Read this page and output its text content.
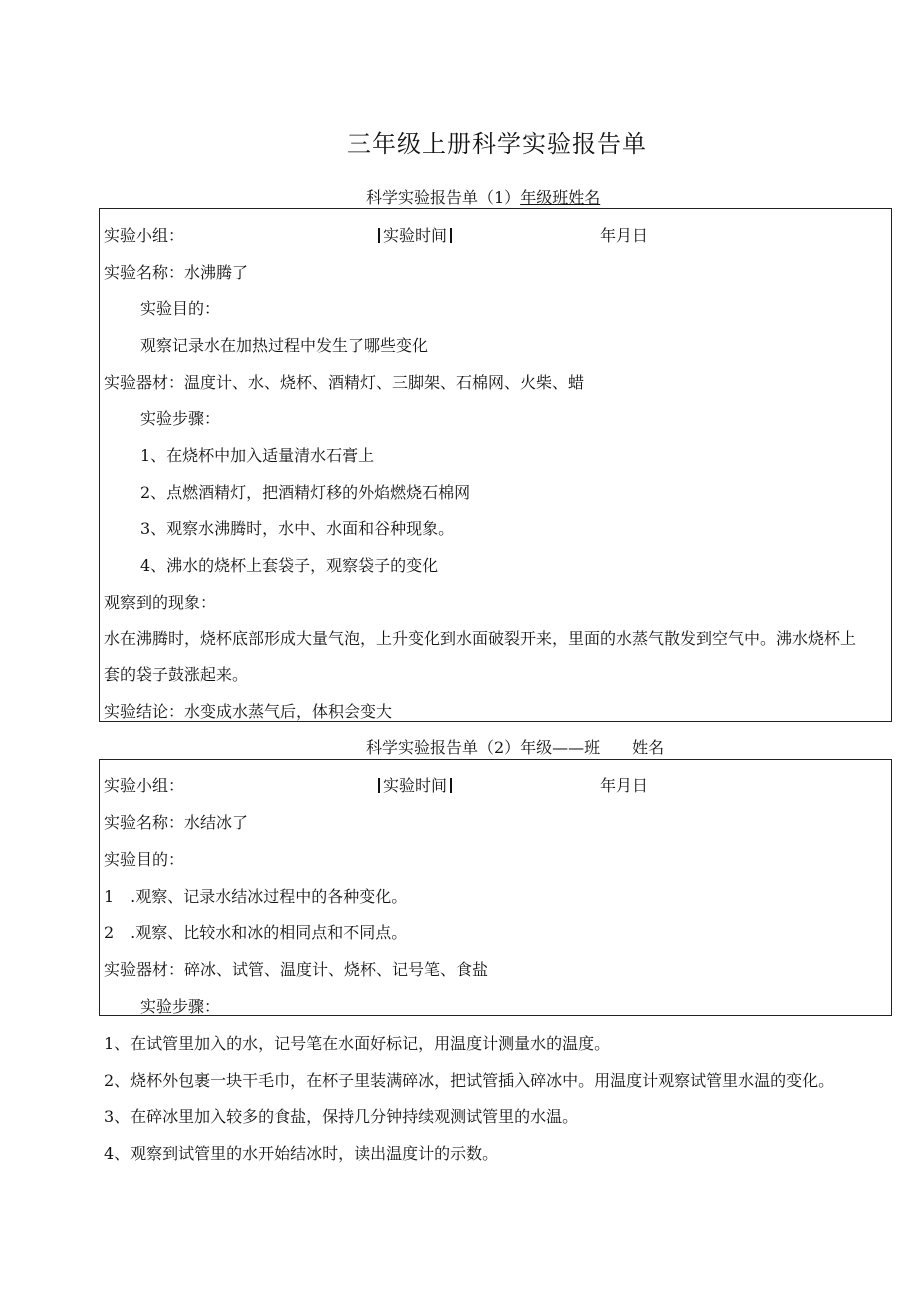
三年级上册科学实验报告单
科学实验报告单（1）年级班姓名
实验小组：	实验时间	年月日
实验名称：水沸腾了
实验目的：
观察记录水在加热过程中发生了哪些变化
实验器材：温度计、水、烧杯、酒精灯、三脚架、石棉网、火柴、蜡
实验步骤：
1、在烧杯中加入适量清水石膏上
2、点燃酒精灯，把酒精灯移的外焰燃烧石棉网
3、观察水沸腾时，水中、水面和谷种现象。
4、沸水的烧杯上套袋子，观察袋子的变化
观察到的现象：
水在沸腾时，烧杯底部形成大量气泡，上升变化到水面破裂开来，里面的水蒸气散发到空气中。沸水烧杯上
套的袋子鼓涨起来。
实验结论：水变成水蒸气后，体积会变大
科学实验报告单（2）年级——班　　姓名
实验小组：	实验时间	年月日
实验名称：水结冰了
实验目的：
1　.观察、记录水结冰过程中的各种变化。
2　.观察、比较水和冰的相同点和不同点。
实验器材：碎冰、试管、温度计、烧杯、记号笔、食盐
实验步骤：
1、在试管里加入的水，记号笔在水面好标记，用温度计测量水的温度。
2、烧杯外包裹一块干毛巾，在杯子里装满碎冰，把试管插入碎冰中。用温度计观察试管里水温的变化。
3、在碎冰里加入较多的食盐，保持几分钟持续观测试管里的水温。
4、观察到试管里的水开始结冰时，读出温度计的示数。
